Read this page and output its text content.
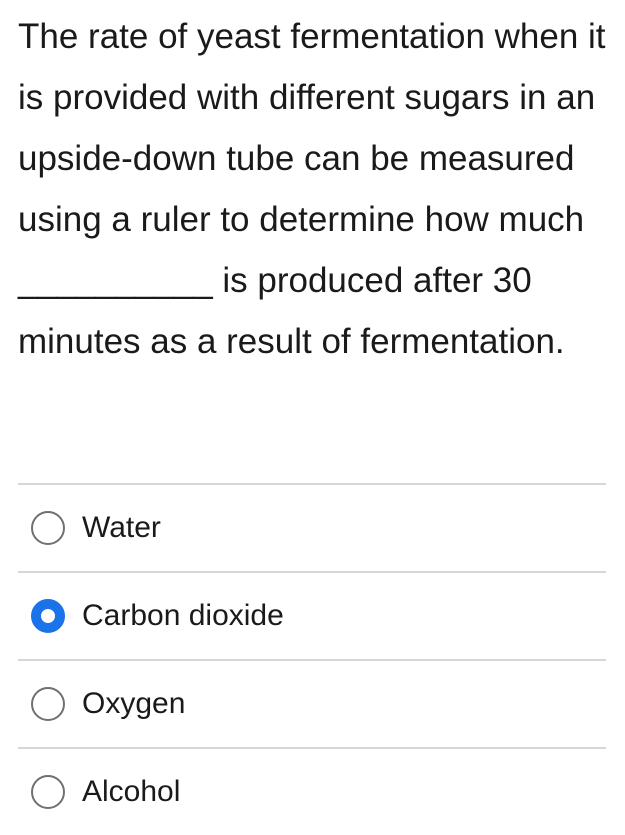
The rate of yeast fermentation when it is provided with different sugars in an upside-down tube can be measured using a ruler to determine how much __________ is produced after 30 minutes as a result of fermentation.

Water
Carbon dioxide
Oxygen
Alcohol
